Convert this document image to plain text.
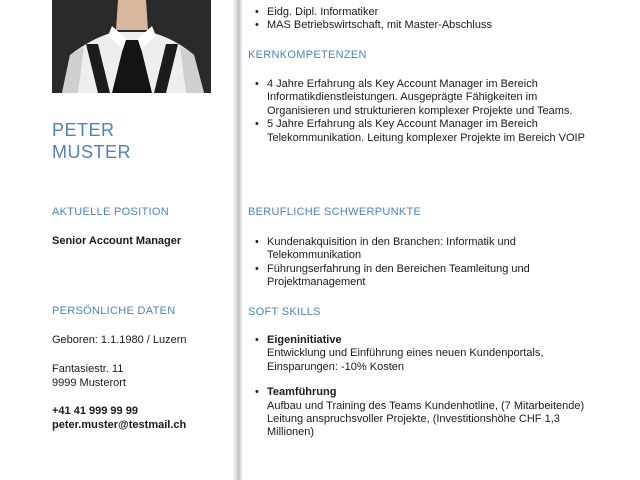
PETER
MUSTER
AKTUELLE POSITION
Senior Account Manager
PERSÖNLICHE DATEN
Geboren: 1.1.1980 / Luzern
Fantasiestr. 11
9999 Musterort
+41 41 999 99 99
peter.muster@testmail.ch
• Eidg. Dipl. Informatiker
• MAS Betriebswirtschaft, mit Master-Abschluss
KERNKOMPETENZEN
• 4 Jahre Erfahrung als Key Account Manager im Bereich Informatikdienstleistungen. Ausgeprägte Fähigkeiten im Organisieren und strukturieren komplexer Projekte und Teams.
• 5 Jahre Erfahrung als Key Account Manager im Bereich Telekommunikation. Leitung komplexer Projekte im Bereich VOIP
BERUFLICHE SCHWERPUNKTE
• Kundenakquisition in den Branchen: Informatik und Telekommunikation
• Führungserfahrung in den Bereichen Teamleitung und Projektmanagement
SOFT SKILLS
• Eigeninitiative
Entwicklung und Einführung eines neuen Kundenportals, Einsparungen: -10% Kosten
• Teamführung
Aufbau und Training des Teams Kundenhotline, (7 Mitarbeitende)
Leitung anspruchsvoller Projekte, (Investitionshöhe CHF 1,3 Millionen)
